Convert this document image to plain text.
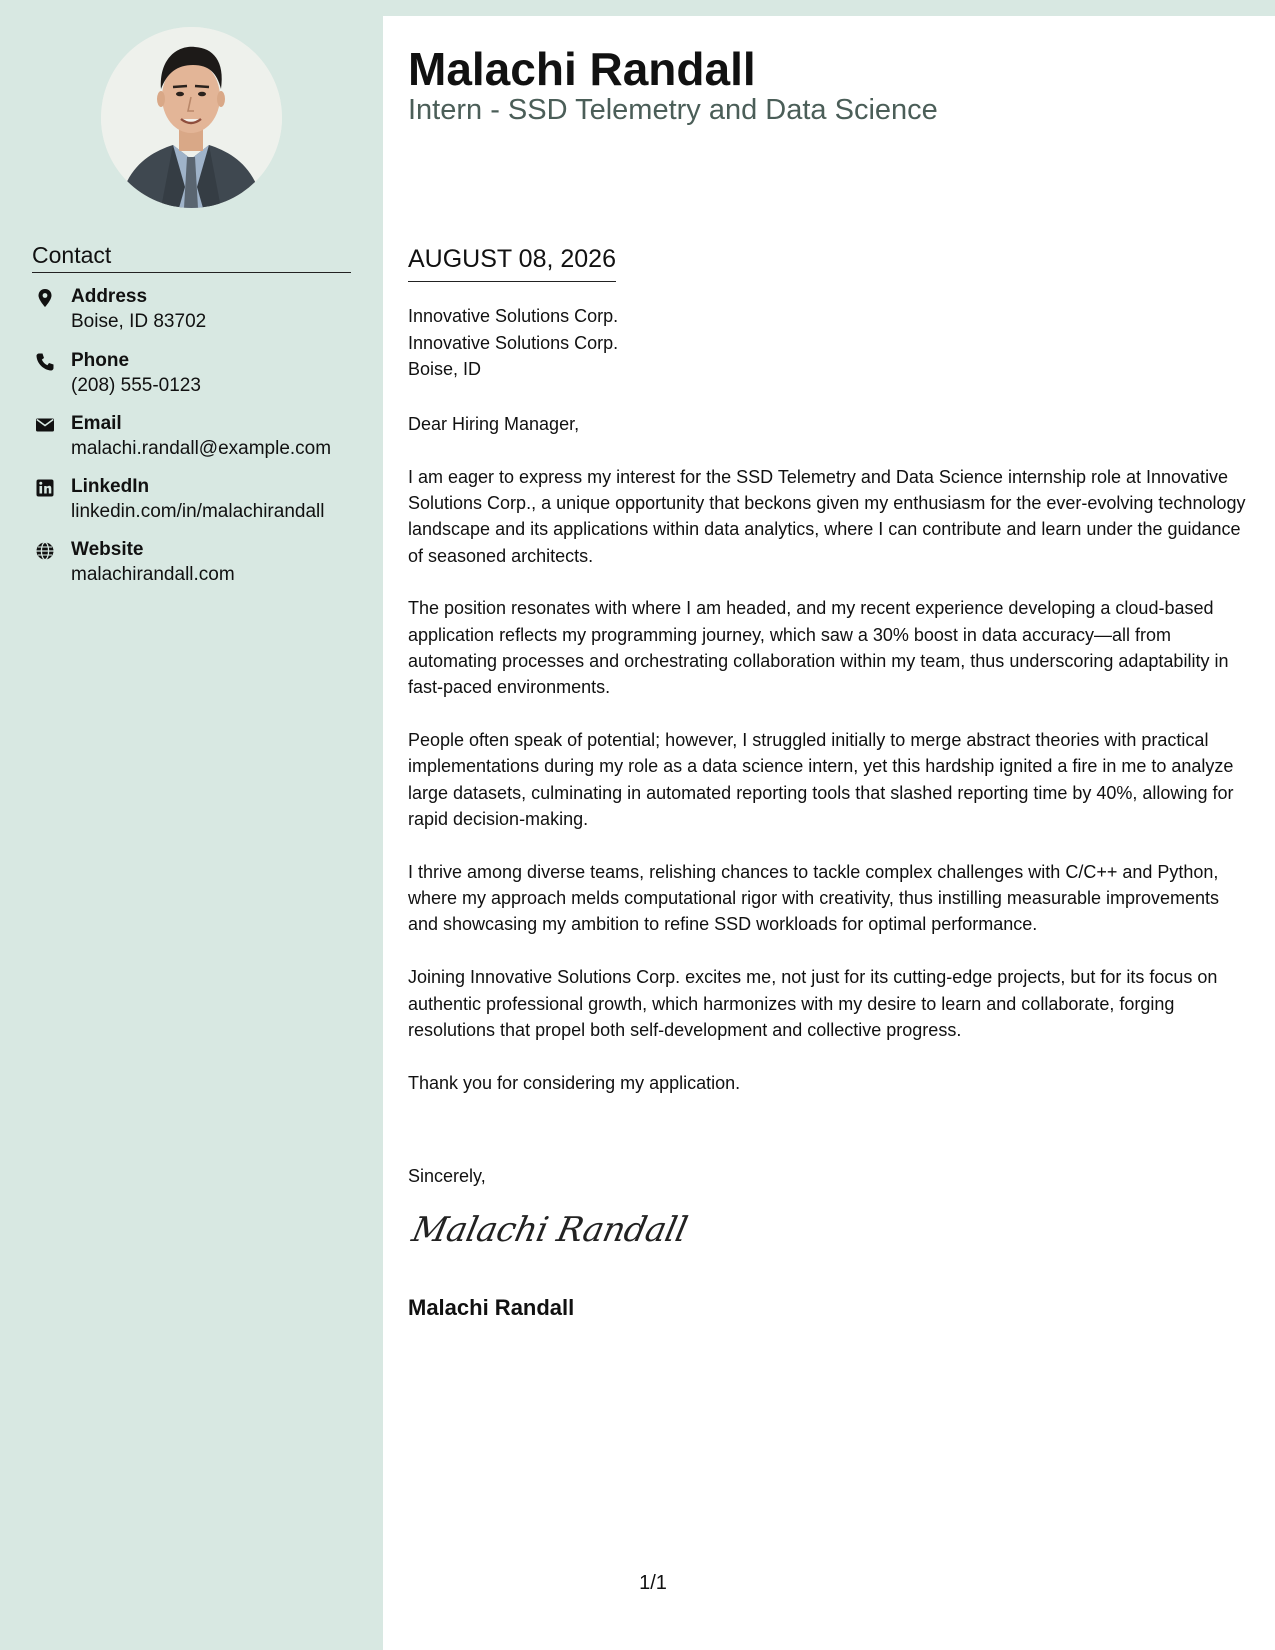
Contact
Address
Boise, ID 83702
Phone
(208) 555-0123
Email
malachi.randall@example.com
LinkedIn
linkedin.com/in/malachirandall
Website
malachirandall.com
Malachi Randall
Intern - SSD Telemetry and Data Science
AUGUST 08, 2026
Innovative Solutions Corp.
Innovative Solutions Corp.
Boise, ID

Dear Hiring Manager,

I am eager to express my interest for the SSD Telemetry and Data Science internship role at Innovative Solutions Corp., a unique opportunity that beckons given my enthusiasm for the ever-evolving technology landscape and its applications within data analytics, where I can contribute and learn under the guidance of seasoned architects.

The position resonates with where I am headed, and my recent experience developing a cloud-based application reflects my programming journey, which saw a 30% boost in data accuracy—all from automating processes and orchestrating collaboration within my team, thus underscoring adaptability in fast-paced environments.

People often speak of potential; however, I struggled initially to merge abstract theories with practical implementations during my role as a data science intern, yet this hardship ignited a fire in me to analyze large datasets, culminating in automated reporting tools that slashed reporting time by 40%, allowing for rapid decision-making.

I thrive among diverse teams, relishing chances to tackle complex challenges with C/C++ and Python, where my approach melds computational rigor with creativity, thus instilling measurable improvements and showcasing my ambition to refine SSD workloads for optimal performance.

Joining Innovative Solutions Corp. excites me, not just for its cutting-edge projects, but for its focus on authentic professional growth, which harmonizes with my desire to learn and collaborate, forging resolutions that propel both self-development and collective progress.

Thank you for considering my application.

Sincerely,
Malachi Randall
Malachi Randall
1/1
